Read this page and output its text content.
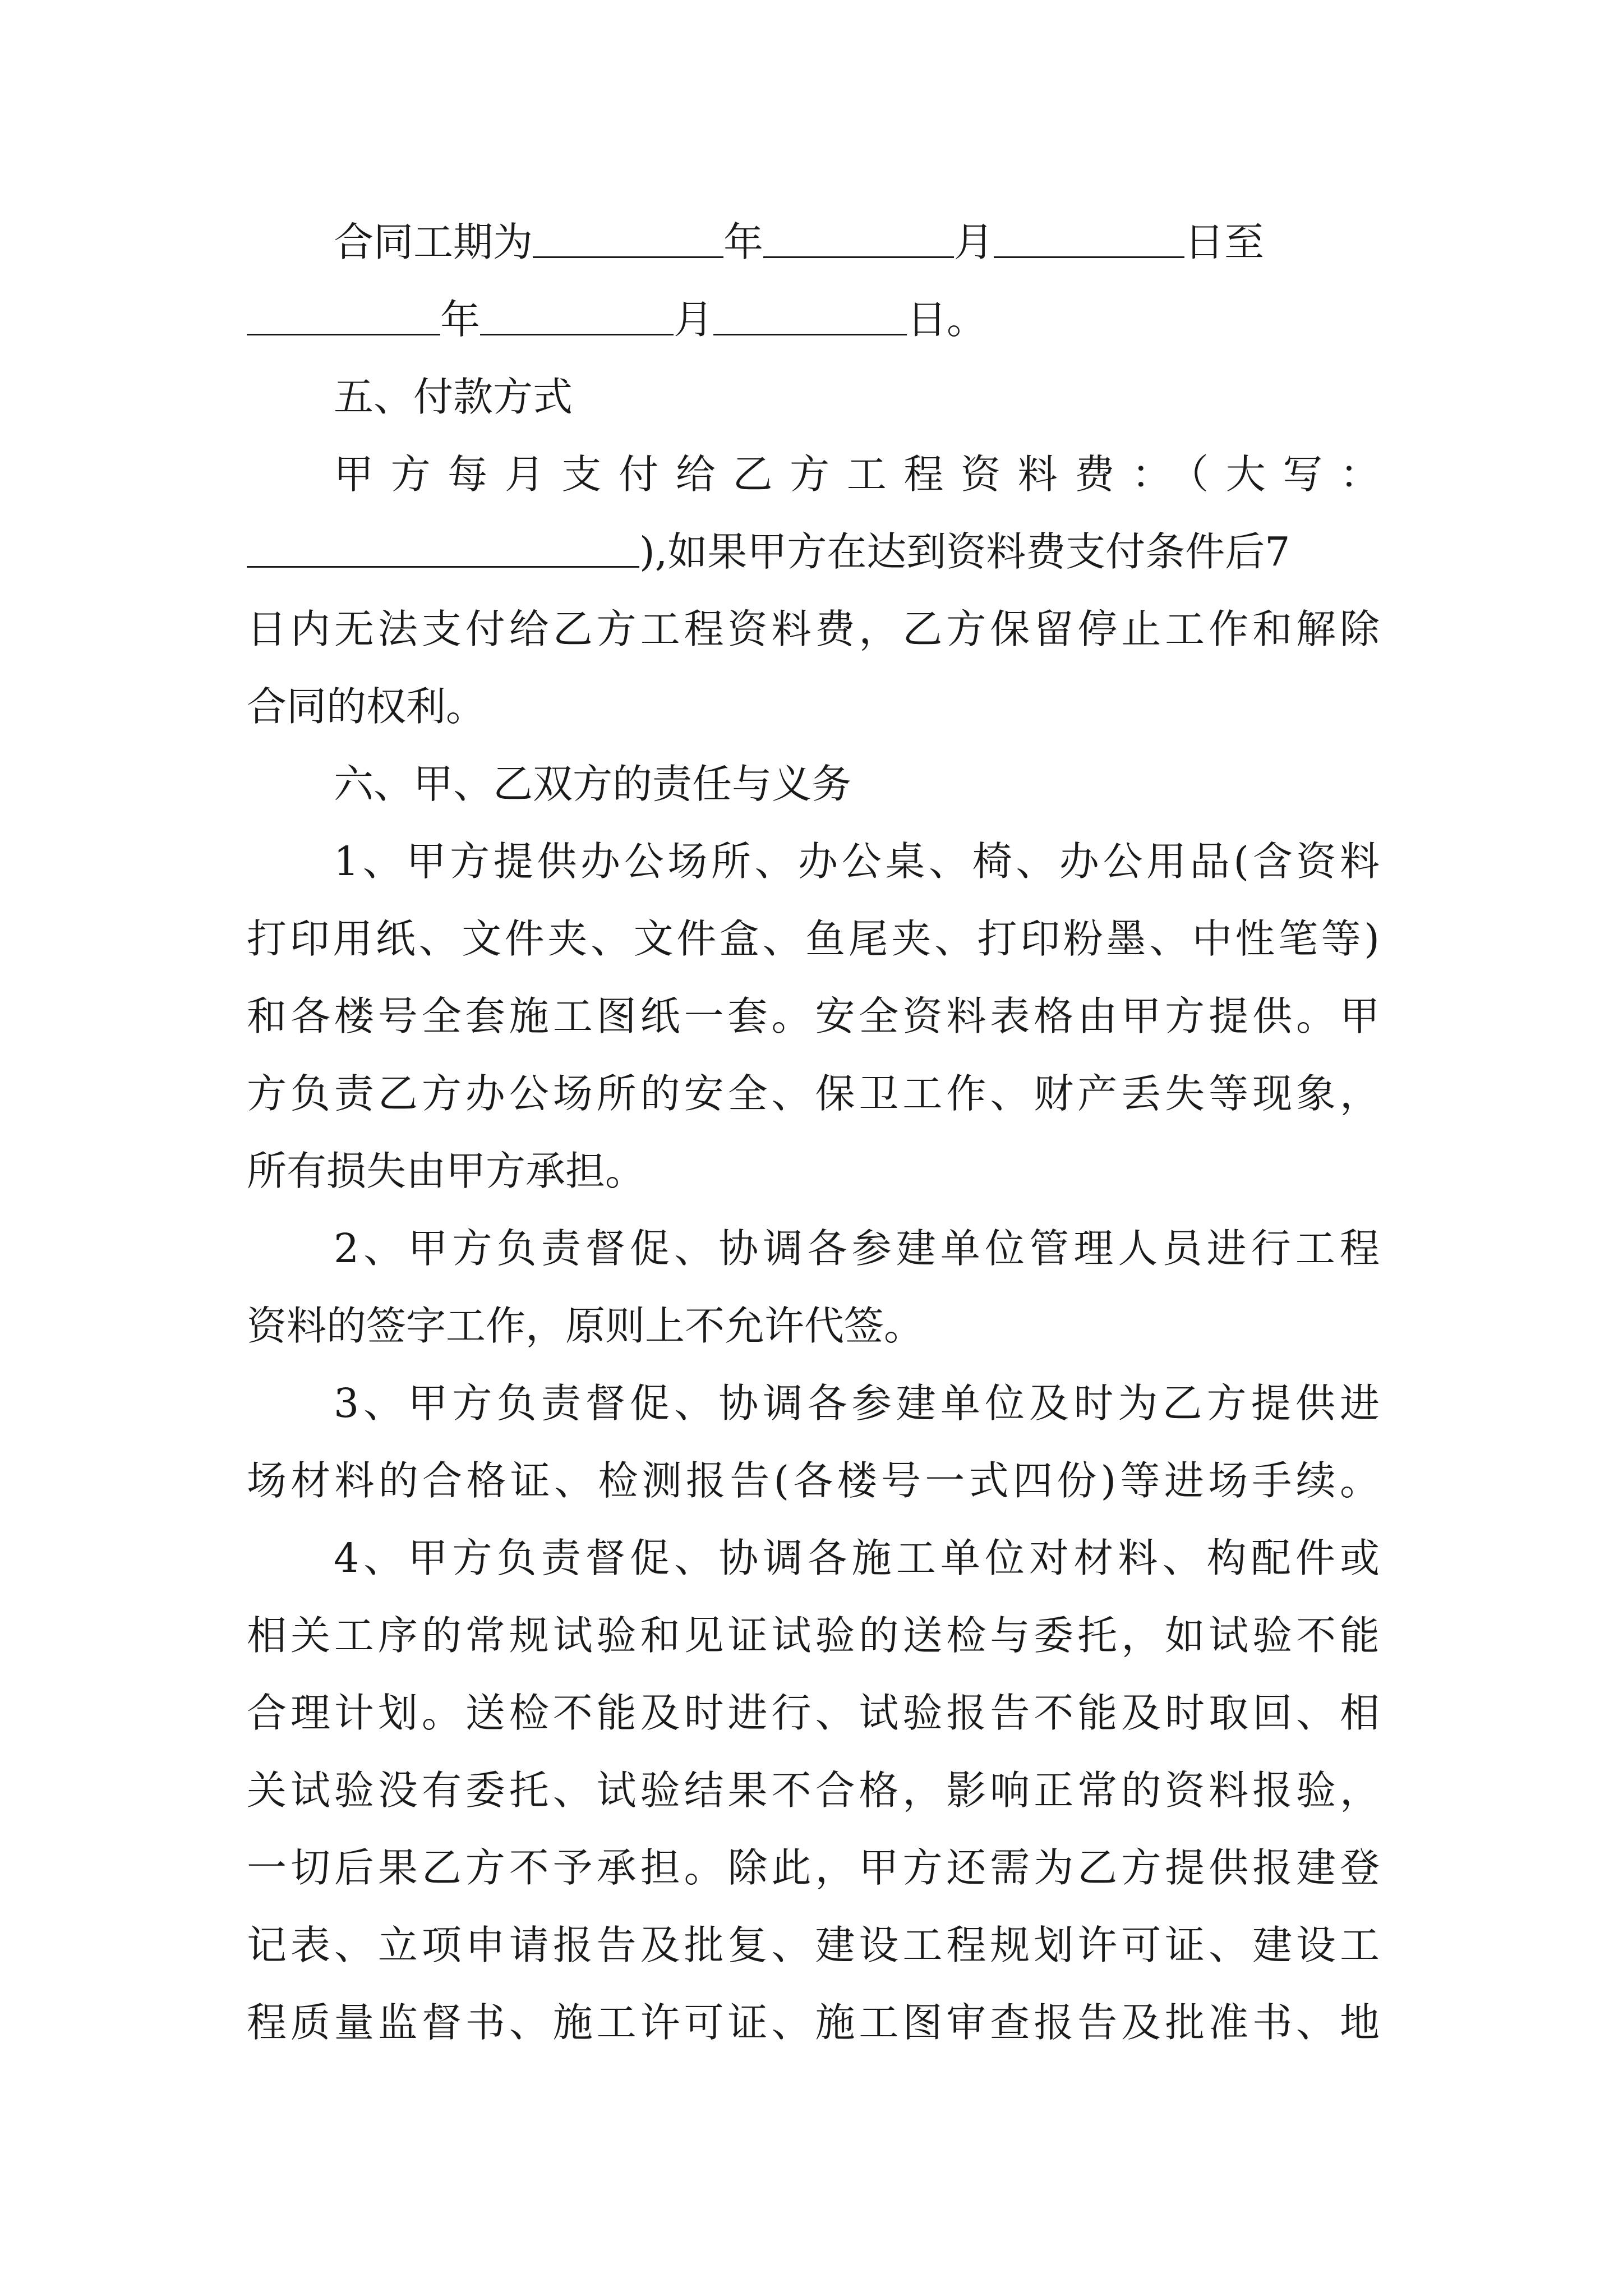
合同工期为	年	月	日至
年	月	日。
五、付款方式
甲方每月支付给乙方工程资料费：（大写：
),如果甲方在达到资料费支付条件后7
日内无法支付给乙方工程资料费，乙方保留停止工作和解除
合同的权利。
六、甲、乙双方的责任与义务
1、甲方提供办公场所、办公桌、椅、办公用品(含资料
打印用纸、文件夹、文件盒、鱼尾夹、打印粉墨、中性笔等)
和各楼号全套施工图纸一套。安全资料表格由甲方提供。甲
方负责乙方办公场所的安全、保卫工作、财产丢失等现象，
所有损失由甲方承担。
2、甲方负责督促、协调各参建单位管理人员进行工程
资料的签字工作，原则上不允许代签。
3、甲方负责督促、协调各参建单位及时为乙方提供进
场材料的合格证、检测报告(各楼号一式四份)等进场手续。
4、甲方负责督促、协调各施工单位对材料、构配件或
相关工序的常规试验和见证试验的送检与委托，如试验不能
合理计划。送检不能及时进行、试验报告不能及时取回、相
关试验没有委托、试验结果不合格，影响正常的资料报验，
一切后果乙方不予承担。除此，甲方还需为乙方提供报建登
记表、立项申请报告及批复、建设工程规划许可证、建设工
程质量监督书、施工许可证、施工图审查报告及批准书、地
